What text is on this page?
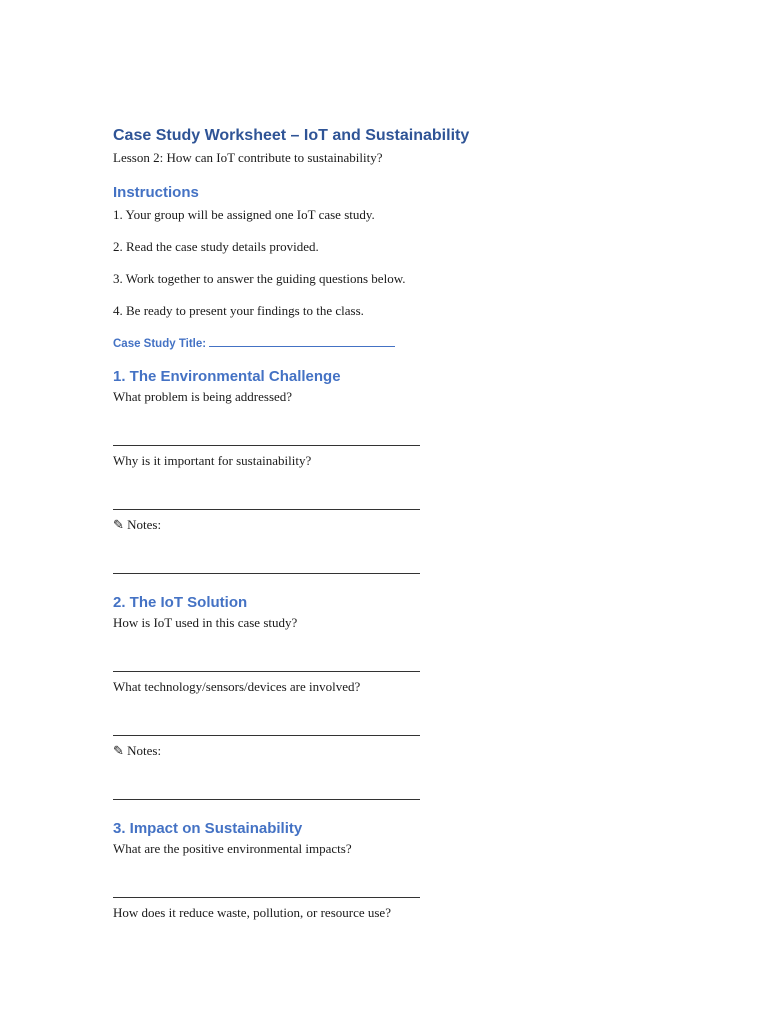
Case Study Worksheet – IoT and Sustainability

Lesson 2: How can IoT contribute to sustainability?

Instructions

1. Your group will be assigned one IoT case study.

2. Read the case study details provided.

3. Work together to answer the guiding questions below.

4. Be ready to present your findings to the class.

Case Study Title:

1. The Environmental Challenge

What problem is being addressed?

Why is it important for sustainability?

✎ Notes:

2. The IoT Solution

How is IoT used in this case study?

What technology/sensors/devices are involved?

✎ Notes:

3. Impact on Sustainability

What are the positive environmental impacts?

How does it reduce waste, pollution, or resource use?
